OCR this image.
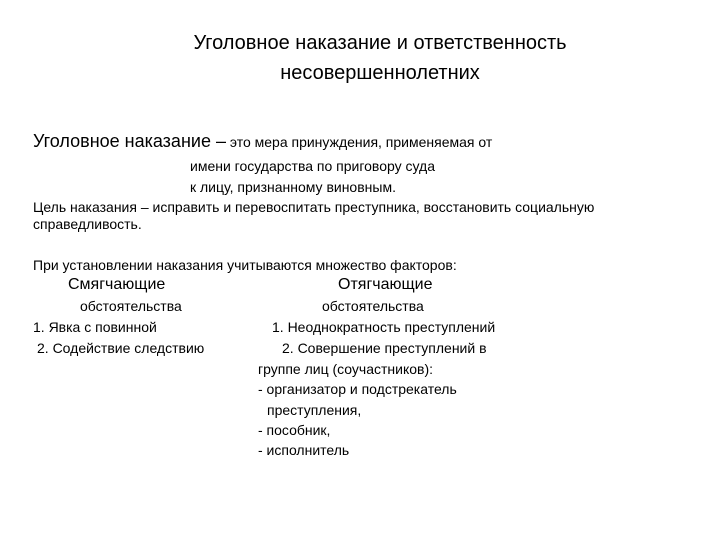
Уголовное наказание и ответственность
несовершеннолетних
Уголовное наказание – это мера принуждения, применяемая от
имени государства по приговору суда
к лицу, признанному виновным.
Цель наказания – исправить и перевоспитать преступника, восстановить социальную
справедливость.
При установлении наказания учитываются множество факторов:
Смягчающие
обстоятельства
1. Явка с повинной
2. Содействие следствию
Отягчающие
обстоятельства
1. Неоднократность преступлений
2. Совершение преступлений в
группе лиц (соучастников):
- организатор и подстрекатель
преступления,
- пособник,
- исполнитель
